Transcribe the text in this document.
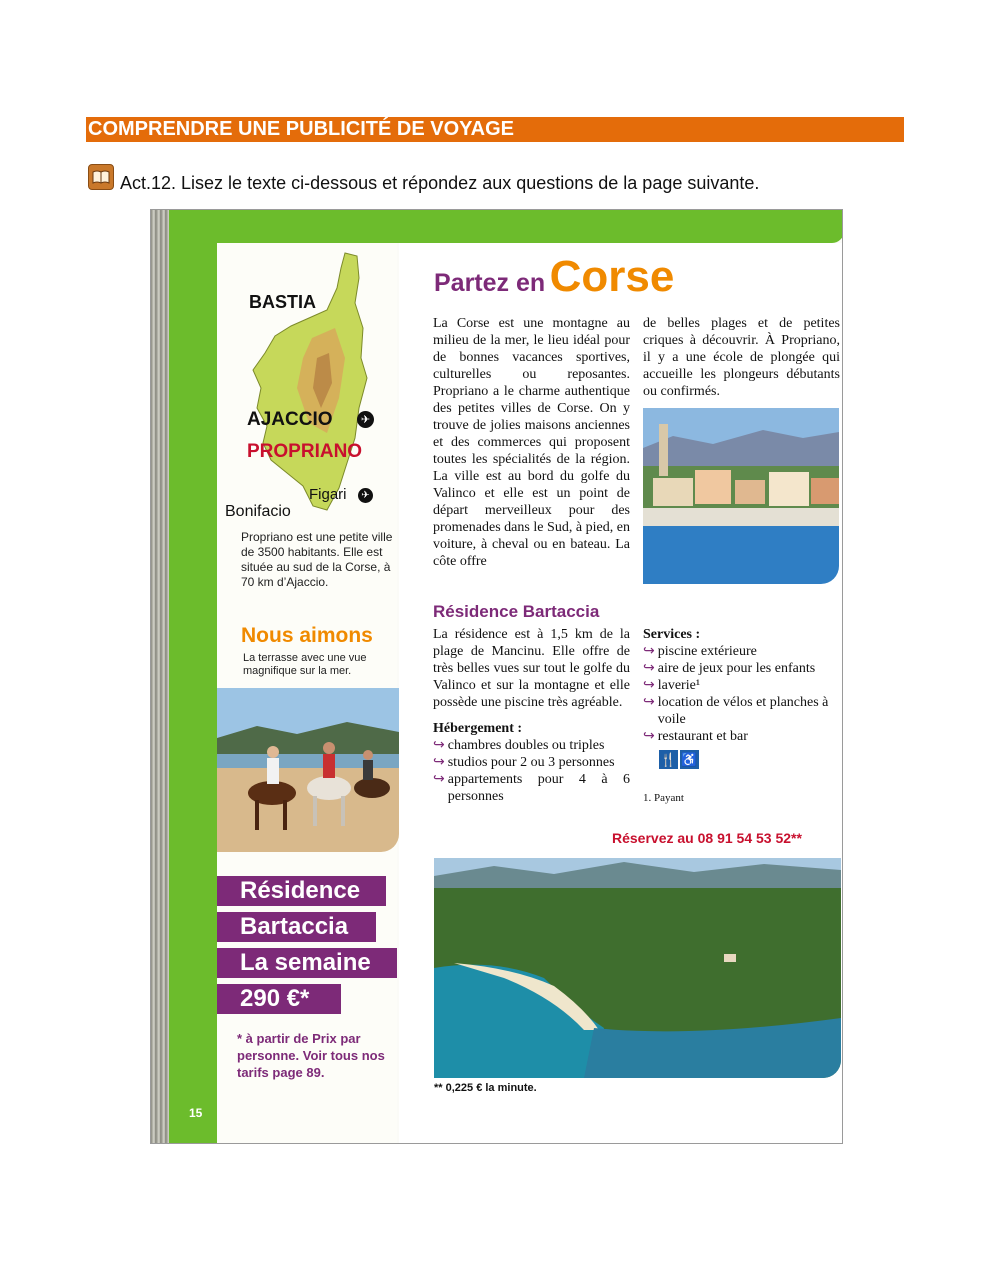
COMPRENDRE UNE PUBLICITÉ DE VOYAGE
Act.12. Lisez le texte ci-dessous et répondez aux questions de la page suivante.
BASTIA
AJACCIO	✈
PROPRIANO
Figari	✈
Bonifacio
Propriano est une petite ville de 3500 habitants. Elle est située au sud de la Corse, à 70 km d’Ajaccio.
Nous aimons
La terrasse avec une vue magnifique sur la mer.
Résidence
Bartaccia
La semaine
290 €*
* à partir de Prix par personne. Voir tous nos tarifs page 89.
15
Partez en Corse
La Corse est une montagne au milieu de la mer, le lieu idéal pour de bonnes vacances sportives, culturelles ou reposantes. Propriano a le charme authentique des petites villes de Corse. On y trouve de jolies maisons anciennes et des commerces qui proposent toutes les spécialités de la région. La ville est au bord du golfe du Valinco et elle est un point de départ merveilleux pour des promenades dans le Sud, à pied, en voiture, à cheval ou en bateau. La côte offre
de belles plages et de petites criques à découvrir. À Propriano, il y a une école de plongée qui accueille les plongeurs débutants ou confirmés.
Résidence Bartaccia
La résidence est à 1,5 km de la plage de Mancinu. Elle offre de très belles vues sur tout le golfe du Valinco et sur la montagne et elle possède une piscine très agréable.
Hébergement :
↪ chambres doubles ou triples
↪ studios pour 2 ou 3 personnes
↪ appartements pour 4 à 6 personnes
Services :
↪ piscine extérieure
↪ aire de jeux pour les enfants
↪ laverie¹
↪ location de vélos et planches à voile
↪ restaurant et bar
🍴 ♿
1. Payant
Réservez au 08 91 54 53 52**
** 0,225 € la minute.
